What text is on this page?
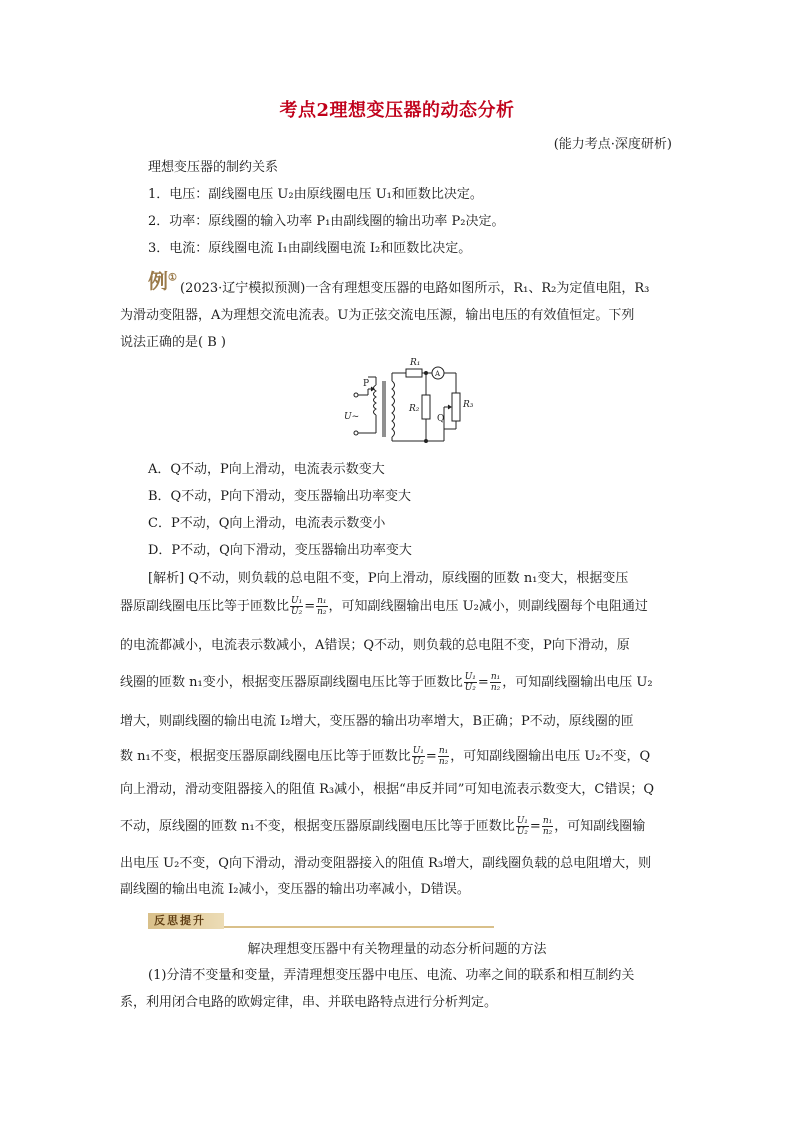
考点2理想变压器的动态分析
(能力考点·深度研析)
理想变压器的制约关系
1．电压：副线圈电压 U₂由原线圈电压 U₁和匝数比决定。
2．功率：原线圈的输入功率 P₁由副线圈的输出功率 P₂决定。
3．电流：原线圈电流 I₁由副线圈电流 I₂和匝数比决定。
例①
(2023·辽宁模拟预测)一含有理想变压器的电路如图所示，R₁、R₂为定值电阻，R₃
为滑动变阻器，A为理想交流电流表。U为正弦交流电压源，输出电压的有效值恒定。下列
说法正确的是( B )
R₁
A
R₂	R₃
P
Q
U~
A．Q不动，P向上滑动，电流表示数变大
B．Q不动，P向下滑动，变压器输出功率变大
C．P不动，Q向上滑动，电流表示数变小
D．P不动，Q向下滑动，变压器输出功率变大
[解析] Q不动，则负载的总电阻不变，P向上滑动，原线圈的匝数 n₁变大，根据变压
器原副线圈电压比等于匝数比 $\frac{\text{U₁}}{\text{U₂}} = \frac{\text{n₁}}{\text{n₂}}$ ，可知副线圈输出电压 U₂减小，则副线圈每个电阻通过
的电流都减小，电流表示数减小，A错误；Q不动，则负载的总电阻不变，P向下滑动，原
线圈的匝数 n₁变小，根据变压器原副线圈电压比等于匝数比 $\frac{\text{U₁}}{\text{U₂}} = \frac{\text{n₁}}{\text{n₂}}$ ，可知副线圈输出电压 U₂
增大，则副线圈的输出电流 I₂增大，变压器的输出功率增大，B正确；P不动，原线圈的匝
数 n₁不变，根据变压器原副线圈电压比等于匝数比 $\frac{\text{U₁}}{\text{U₂}} = \frac{\text{n₁}}{\text{n₂}}$ ，可知副线圈输出电压 U₂不变，Q
向上滑动，滑动变阻器接入的阻值 R₃减小，根据“串反并同”可知电流表示数变大，C错误；Q
不动，原线圈的匝数 n₁不变，根据变压器原副线圈电压比等于匝数比 $\frac{\text{U₁}}{\text{U₂}} = \frac{\text{n₁}}{\text{n₂}}$ ，可知副线圈输
出电压 U₂不变，Q向下滑动，滑动变阻器接入的阻值 R₃增大，副线圈负载的总电阻增大，则
副线圈的输出电流 I₂减小，变压器的输出功率减小，D错误。
反思提升
解决理想变压器中有关物理量的动态分析问题的方法
(1)分清不变量和变量，弄清理想变压器中电压、电流、功率之间的联系和相互制约关
系，利用闭合电路的欧姆定律，串、并联电路特点进行分析判定。
